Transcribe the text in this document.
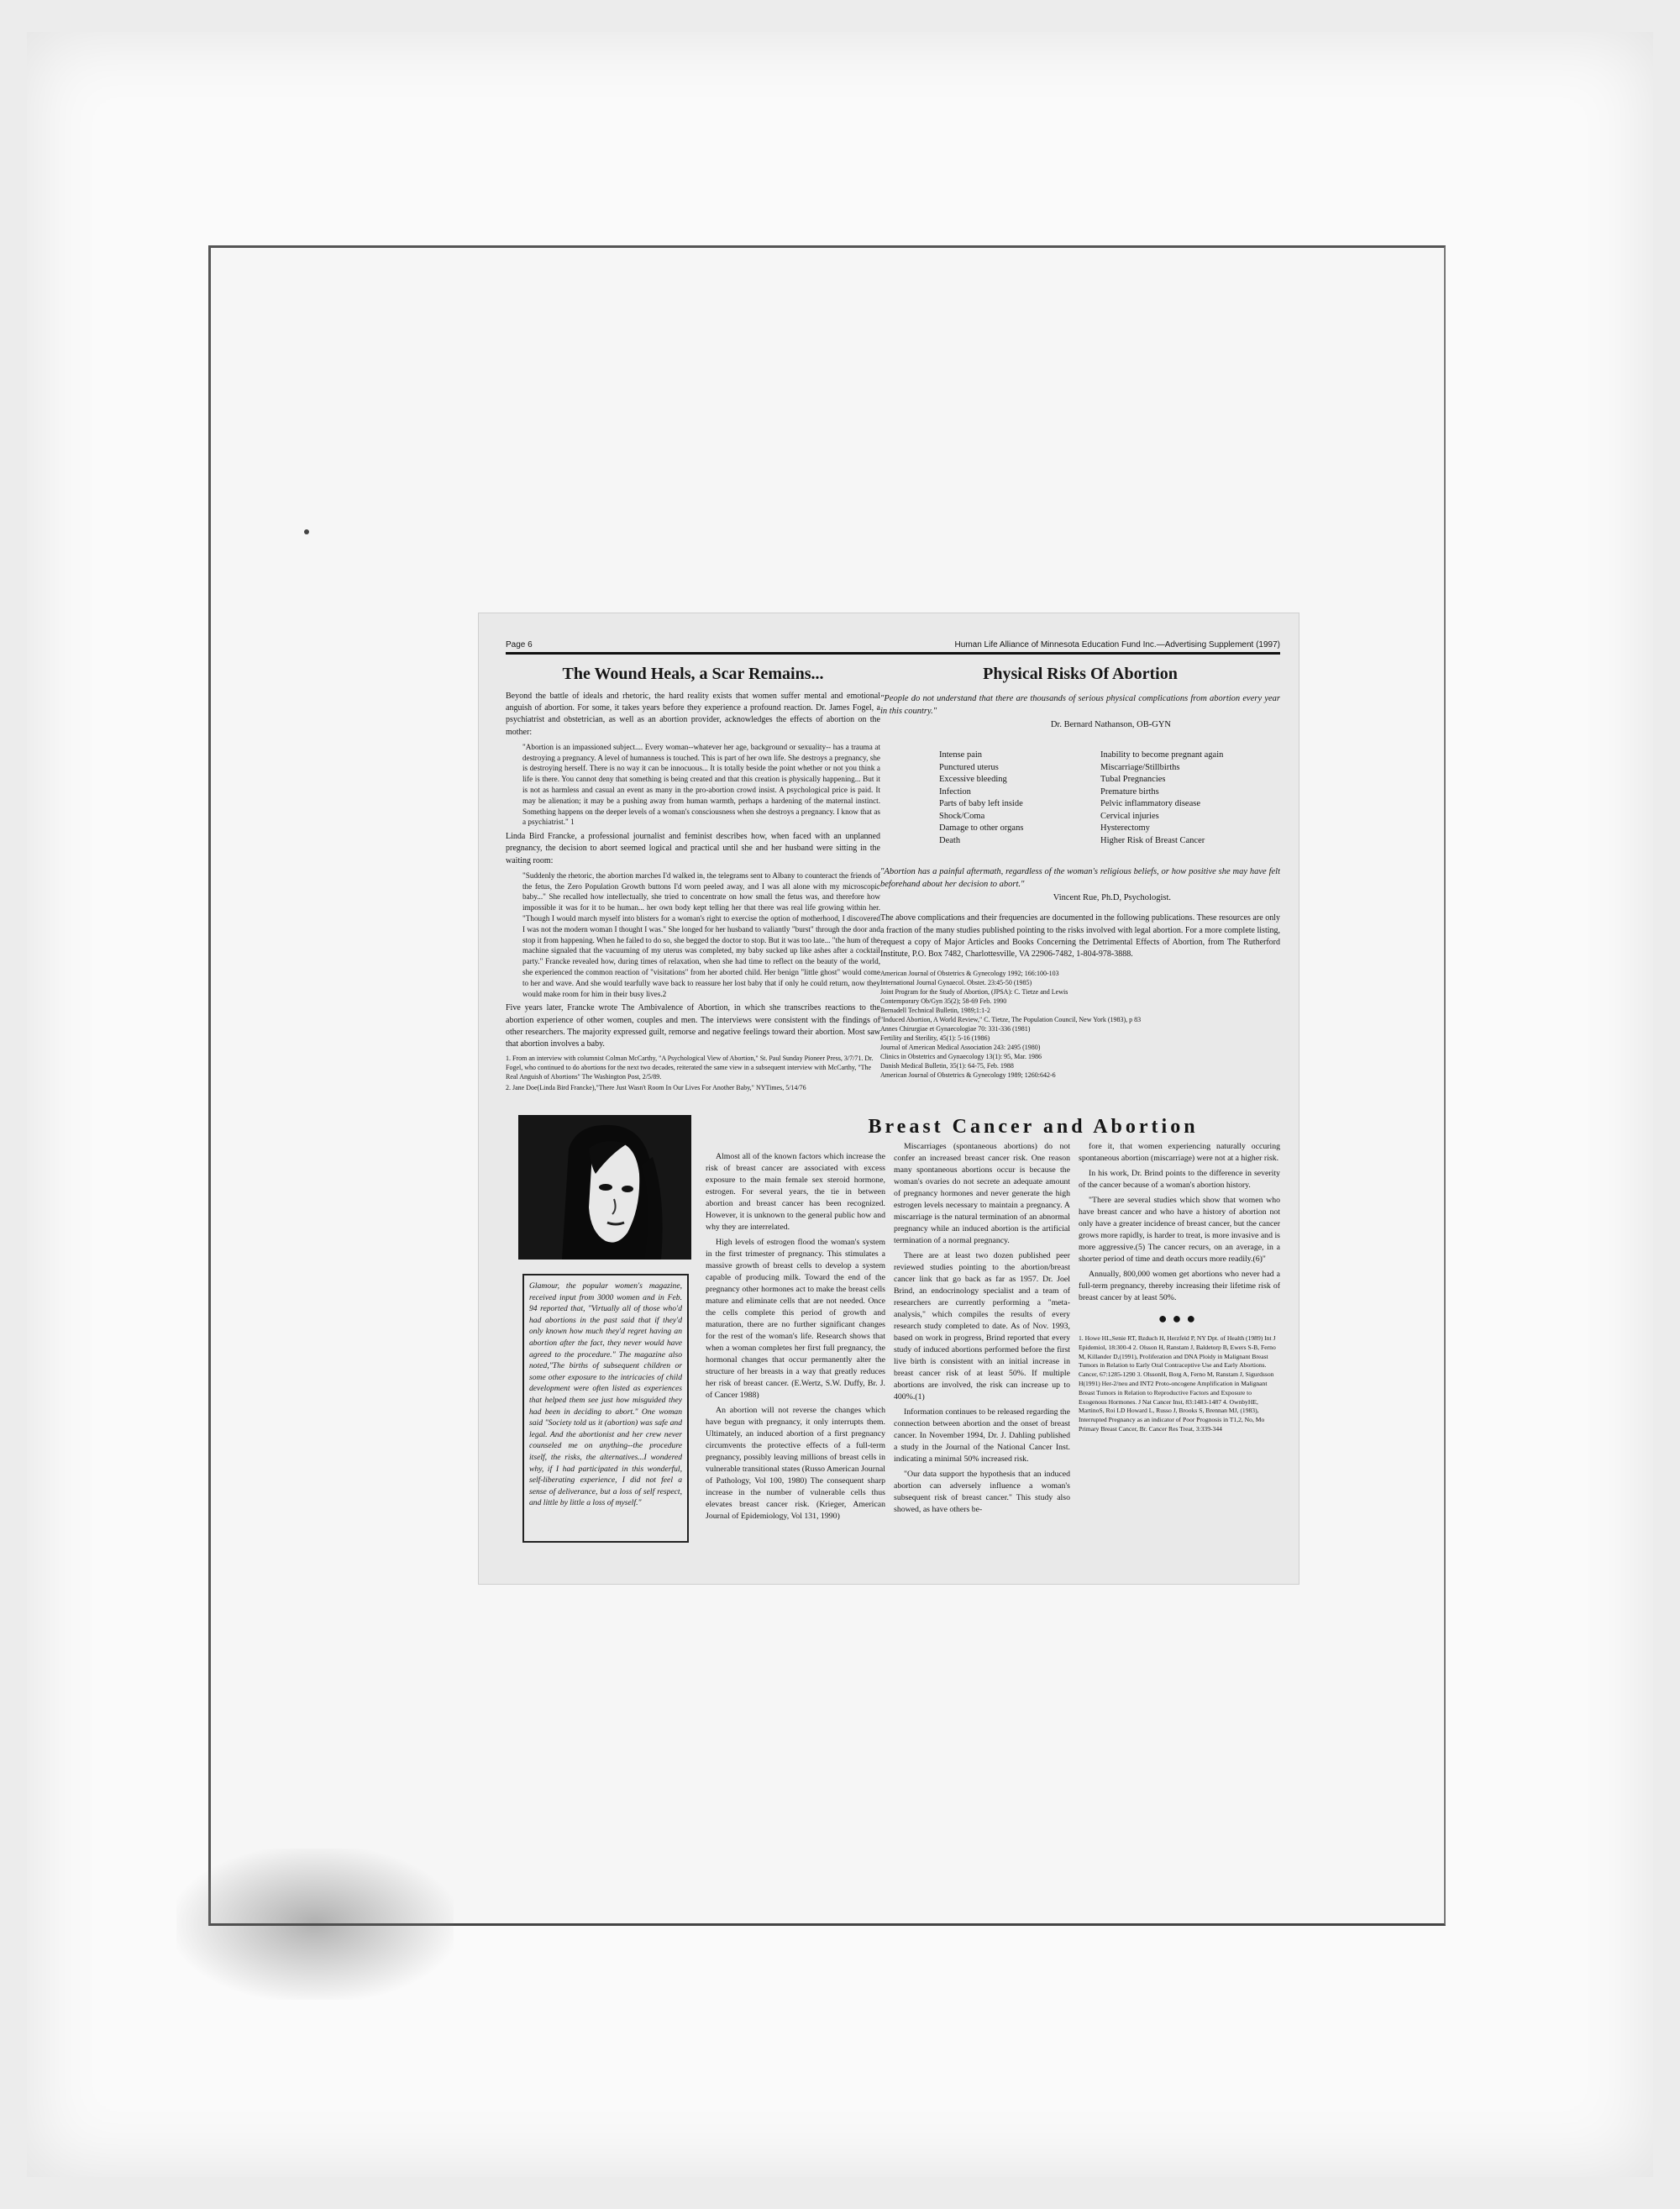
Page 6	Human Life Alliance of Minnesota Education Fund Inc.—Advertising Supplement (1997)
The Wound Heals, a Scar Remains...

Beyond the battle of ideals and rhetoric, the hard reality exists that women suffer mental and emotional anguish of abortion. For some, it takes years before they experience a profound reaction. Dr. James Fogel, a psychiatrist and obstetrician, as well as an abortion provider, acknowledges the effects of abortion on the mother:

"Abortion is an impassioned subject.... Every woman--whatever her age, background or sexuality-- has a trauma at destroying a pregnancy. A level of humanness is touched. This is part of her own life. She destroys a pregnancy, she is destroying herself. There is no way it can be innocuous... It is totally beside the point whether or not you think a life is there. You cannot deny that something is being created and that this creation is physically happening... But it is not as harmless and casual an event as many in the pro-abortion crowd insist. A psychological price is paid. It may be alienation; it may be a pushing away from human warmth, perhaps a hardening of the maternal instinct. Something happens on the deeper levels of a woman's consciousness when she destroys a pregnancy. I know that as a psychiatrist." 1

Linda Bird Francke, a professional journalist and feminist describes how, when faced with an unplanned pregnancy, the decision to abort seemed logical and practical until she and her husband were sitting in the waiting room:

"Suddenly the rhetoric, the abortion marches I'd walked in, the telegrams sent to Albany to counteract the friends of the fetus, the Zero Population Growth buttons I'd worn peeled away, and I was all alone with my microscopic baby..." She recalled how intellectually, she tried to concentrate on how small the fetus was, and therefore how impossible it was for it to be human... her own body kept telling her that there was real life growing within her. "Though I would march myself into blisters for a woman's right to exercise the option of motherhood, I discovered I was not the modern woman I thought I was." She longed for her husband to valiantly "burst" through the door and stop it from happening. When he failed to do so, she begged the doctor to stop. But it was too late... "the hum of the machine signaled that the vacuuming of my uterus was completed, my baby sucked up like ashes after a cocktail party." Francke revealed how, during times of relaxation, when she had time to reflect on the beauty of the world, she experienced the common reaction of "visitations" from her aborted child. Her benign "little ghost" would come to her and wave. And she would tearfully wave back to reassure her lost baby that if only he could return, now they would make room for him in their busy lives.2

Five years later, Francke wrote The Ambivalence of Abortion, in which she transcribes reactions to the abortion experience of other women, couples and men. The interviews were consistent with the findings of other researchers. The majority expressed guilt, remorse and negative feelings toward their abortion. Most saw that abortion involves a baby.

1. From an interview with columnist Colman McCarthy, "A Psychological View of Abortion," St. Paul Sunday Pioneer Press, 3/7/71. Dr. Fogel, who continued to do abortions for the next two decades, reiterated the same view in a subsequent interview with McCarthy, "The Real Anguish of Abortions" The Washington Post, 2/5/89.
2. Jane Doe(Linda Bird Francke),"There Just Wasn't Room In Our Lives For Another Baby," NYTimes, 5/14/76
Physical Risks Of Abortion

"People do not understand that there are thousands of serious physical complications from abortion every year in this country."

Dr. Bernard Nathanson, OB-GYN
Intense pain	Inability to become pregnant again
Punctured uterus	Miscarriage/Stillbirths
Excessive bleeding	Tubal Pregnancies
Infection	Premature births
Parts of baby left inside	Pelvic inflammatory disease
Shock/Coma	Cervical injuries
Damage to other organs	Hysterectomy
Death	Higher Risk of Breast Cancer

"Abortion has a painful aftermath, regardless of the woman's religious beliefs, or how positive she may have felt beforehand about her decision to abort."

Vincent Rue, Ph.D, Psychologist.

The above complications and their frequencies are documented in the following publications. These resources are only a fraction of the many studies published pointing to the risks involved with legal abortion. For a more complete listing, request a copy of Major Articles and Books Concerning the Detrimental Effects of Abortion, from The Rutherford Institute, P.O. Box 7482, Charlottesville, VA 22906-7482, 1-804-978-3888.

American Journal of Obstetrics & Gynecology 1992; 166:100-103

International Journal Gynaecol. Obstet. 23:45-50 (1985)

Joint Program for the Study of Abortion, (JPSA): C. Tietze and Lewis

Contemporary Ob/Gyn 35(2); 58-69 Feb. 1990

Bernadell Technical Bulletin, 1989;1:1-2

"Induced Abortion, A World Review," C. Tietze, The Population Council, New York (1983), p 83

Annes Chirurgiae et Gynaecologiae 70: 331-336 (1981)

Fertility and Sterility, 45(1): 5-16 (1986)

Journal of American Medical Association 243: 2495 (1980)

Clinics in Obstetrics and Gynaecology 13(1): 95, Mar. 1986

Danish Medical Bulletin, 35(1): 64-75, Feb. 1988

American Journal of Obstetrics & Gynecology 1989; 1260:642-6

Breast Cancer and Abortion
Glamour, the popular women's magazine, received input from 3000 women and in Feb. 94 reported that, "Virtually all of those who'd had abortions in the past said that if they'd only known how much they'd regret having an abortion after the fact, they never would have agreed to the procedure." The magazine also noted,"The births of subsequent children or some other exposure to the intricacies of child development were often listed as experiences that helped them see just how misguided they had been in deciding to abort." One woman said "Society told us it (abortion) was safe and legal. And the abortionist and her crew never counseled me on anything--the procedure itself, the risks, the alternatives...I wondered why, if I had participated in this wonderful, self-liberating experience, I did not feel a sense of deliverance, but a loss of self respect, and little by little a loss of myself."

Almost all of the known factors which increase the risk of breast cancer are associated with excess exposure to the main female sex steroid hormone, estrogen. For several years, the tie in between abortion and breast cancer has been recognized. However, it is unknown to the general public how and why they are interrelated.

High levels of estrogen flood the woman's system in the first trimester of pregnancy. This stimulates a massive growth of breast cells to develop a system capable of producing milk. Toward the end of the pregnancy other hormones act to make the breast cells mature and eliminate cells that are not needed. Once the cells complete this period of growth and maturation, there are no further significant changes for the rest of the woman's life. Research shows that when a woman completes her first full pregnancy, the hormonal changes that occur permanently alter the structure of her breasts in a way that greatly reduces her risk of breast cancer. (E.Wertz, S.W. Duffy, Br. J. of Cancer 1988)

An abortion will not reverse the changes which have begun with pregnancy, it only interrupts them. Ultimately, an induced abortion of a first pregnancy circumvents the protective effects of a full-term pregnancy, possibly leaving millions of breast cells in vulnerable transitional states (Russo American Journal of Pathology, Vol 100, 1980) The consequent sharp increase in the number of vulnerable cells thus elevates breast cancer risk. (Krieger, American Journal of Epidemiology, Vol 131, 1990)

Miscarriages (spontaneous abortions) do not confer an increased breast cancer risk. One reason many spontaneous abortions occur is because the woman's ovaries do not secrete an adequate amount of pregnancy hormones and never generate the high estrogen levels necessary to maintain a pregnancy. A miscarriage is the natural termination of an abnormal pregnancy while an induced abortion is the artificial termination of a normal pregnancy.

There are at least two dozen published peer reviewed studies pointing to the abortion/breast cancer link that go back as far as 1957. Dr. Joel Brind, an endocrinology specialist and a team of researchers are currently performing a "meta-analysis," which compiles the results of every research study completed to date. As of Nov. 1993, based on work in progress, Brind reported that every study of induced abortions performed before the first live birth is consistent with an initial increase in breast cancer risk of at least 50%. If multiple abortions are involved, the risk can increase up to 400%.(1)

Information continues to be released regarding the connection between abortion and the onset of breast cancer. In November 1994, Dr. J. Dahling published a study in the Journal of the National Cancer Inst. indicating a minimal 50% increased risk.

"Our data support the hypothesis that an induced abortion can adversely influence a woman's subsequent risk of breast cancer." This study also showed, as have others be-

fore it, that women experiencing naturally occuring spontaneous abortion (miscarriage) were not at a higher risk.

In his work, Dr. Brind points to the difference in severity of the cancer because of a woman's abortion history.

"There are several studies which show that women who have breast cancer and who have a history of abortion not only have a greater incidence of breast cancer, but the cancer grows more rapidly, is harder to treat, is more invasive and is more aggressive.(5) The cancer recurs, on an average, in a shorter period of time and death occurs more readily.(6)"

Annually, 800,000 women get abortions who never had a full-term pregnancy, thereby increasing their lifetime risk of breast cancer by at least 50%.

●●●
1. Howe HL,Senie RT, Bzduch H, Herzfeld P, NY Dpt. of Health (1989) Int J Epidemiol, 18:300-4 2. Olsson H, Ranstam J, Baldetorp B, Ewers S-B, Ferno M, Killander D,(1991), Proliferation and DNA Ploidy in Malignant Breast Tumors in Relation to Early Oral Contraceptive Use and Early Abortions. Cancer, 67:1285-1290 3. OlssonH, Borg A, Ferno M, Ranstam J, Sigurdsson H(1991) Her-2/neu and INT2 Proto-oncogene Amplification in Malignant Breast Tumors in Relation to Reproductive Factors and Exposure to Exogenous Hormones. J Nat Cancer Inst, 83:1483-1487 4. OwnbyHE, MartinoS, Roi LD Howard L, Russo J, Brooks S, Brennan MJ, (1983), Interrupted Pregnancy as an indicator of Poor Prognosis in T1,2, No, Mo Primary Breast Cancer, Br. Cancer Res Treat, 3:339-344
